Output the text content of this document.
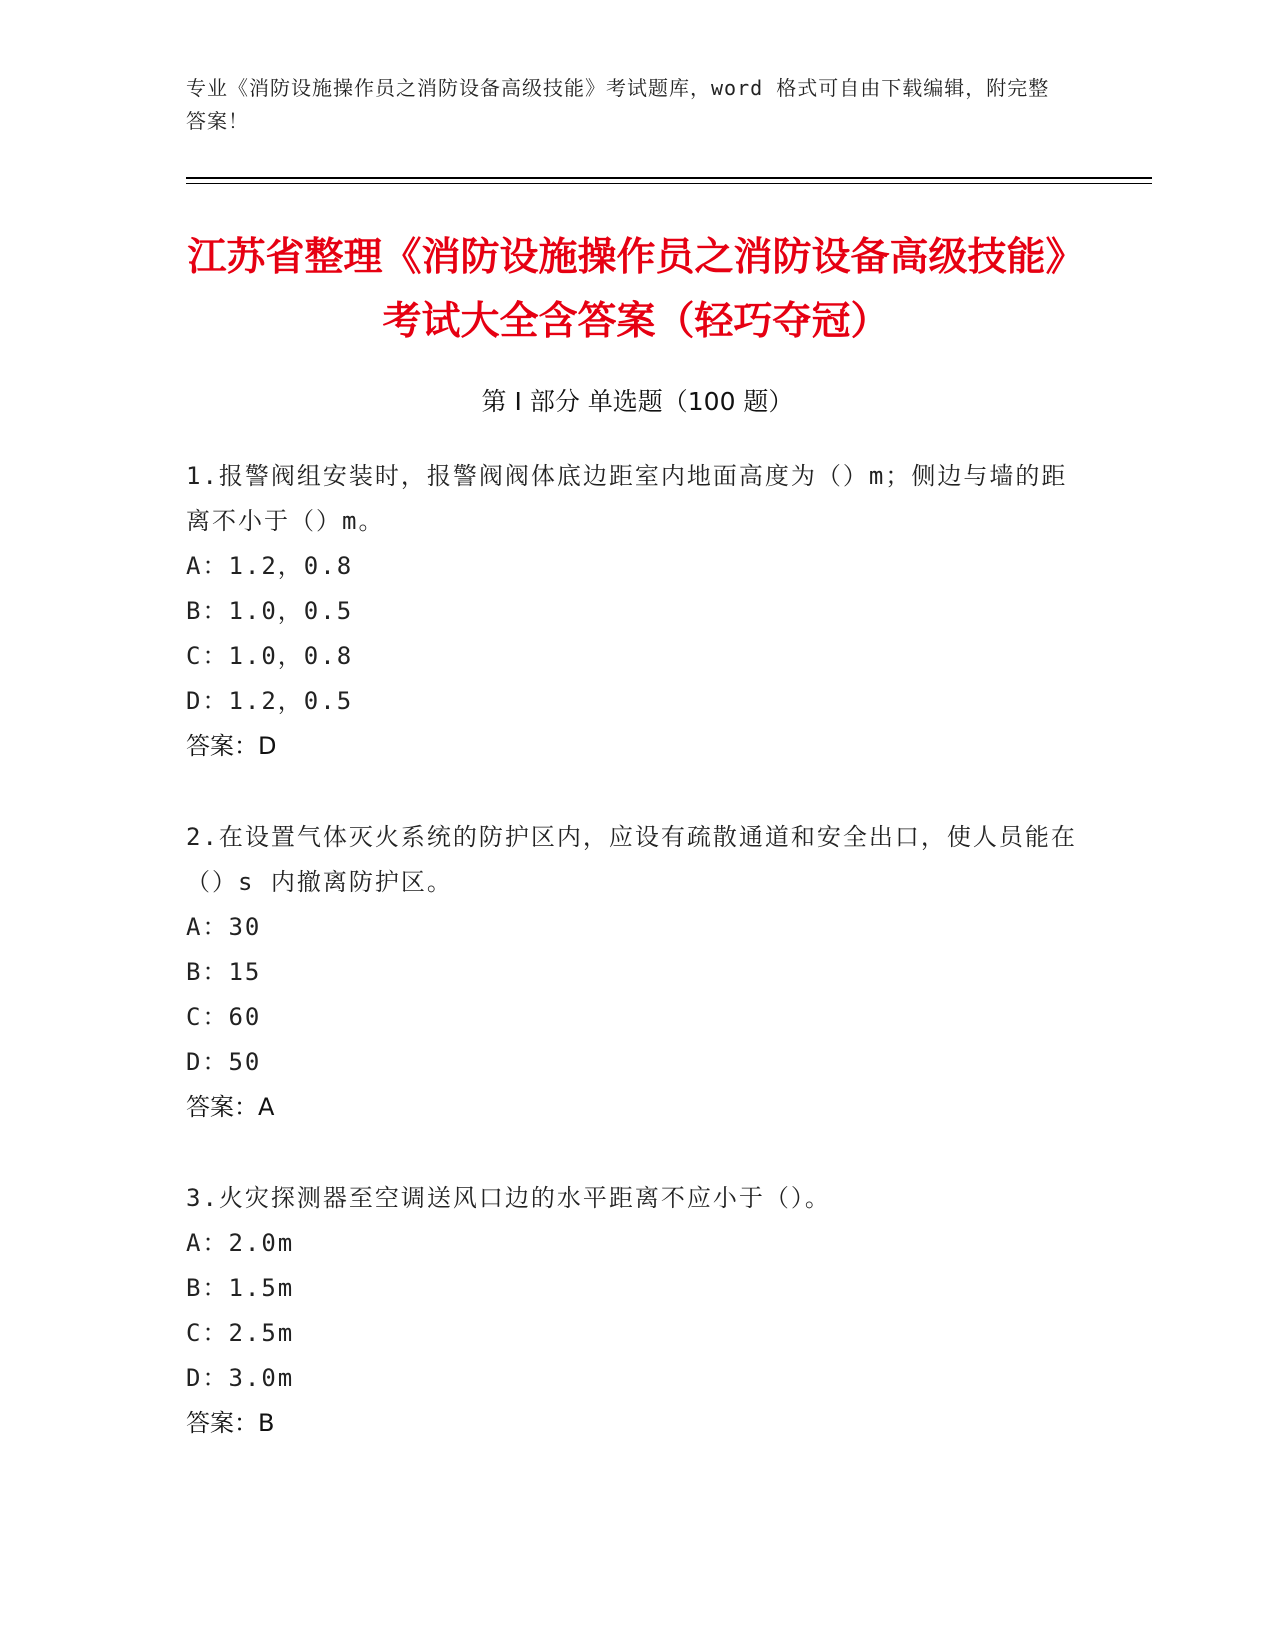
专业《消防设施操作员之消防设备高级技能》考试题库，word 格式可自由下载编辑，附完整答案！
江苏省整理《消防设施操作员之消防设备高级技能》考试大全含答案（轻巧夺冠）
第 I 部分 单选题（100 题）

1.报警阀组安装时，报警阀阀体底边距室内地面高度为（）m；侧边与墙的距离不小于（）m。

A：1.2，0.8

B：1.0，0.5

C：1.0，0.8

D：1.2，0.5

答案：D

2.在设置气体灭火系统的防护区内，应设有疏散通道和安全出口，使人员能在（）s 内撤离防护区。

A：30

B：15

C：60

D：50

答案：A

3.火灾探测器至空调送风口边的水平距离不应小于（）。

A：2.0m

B：1.5m

C：2.5m

D：3.0m

答案：B
